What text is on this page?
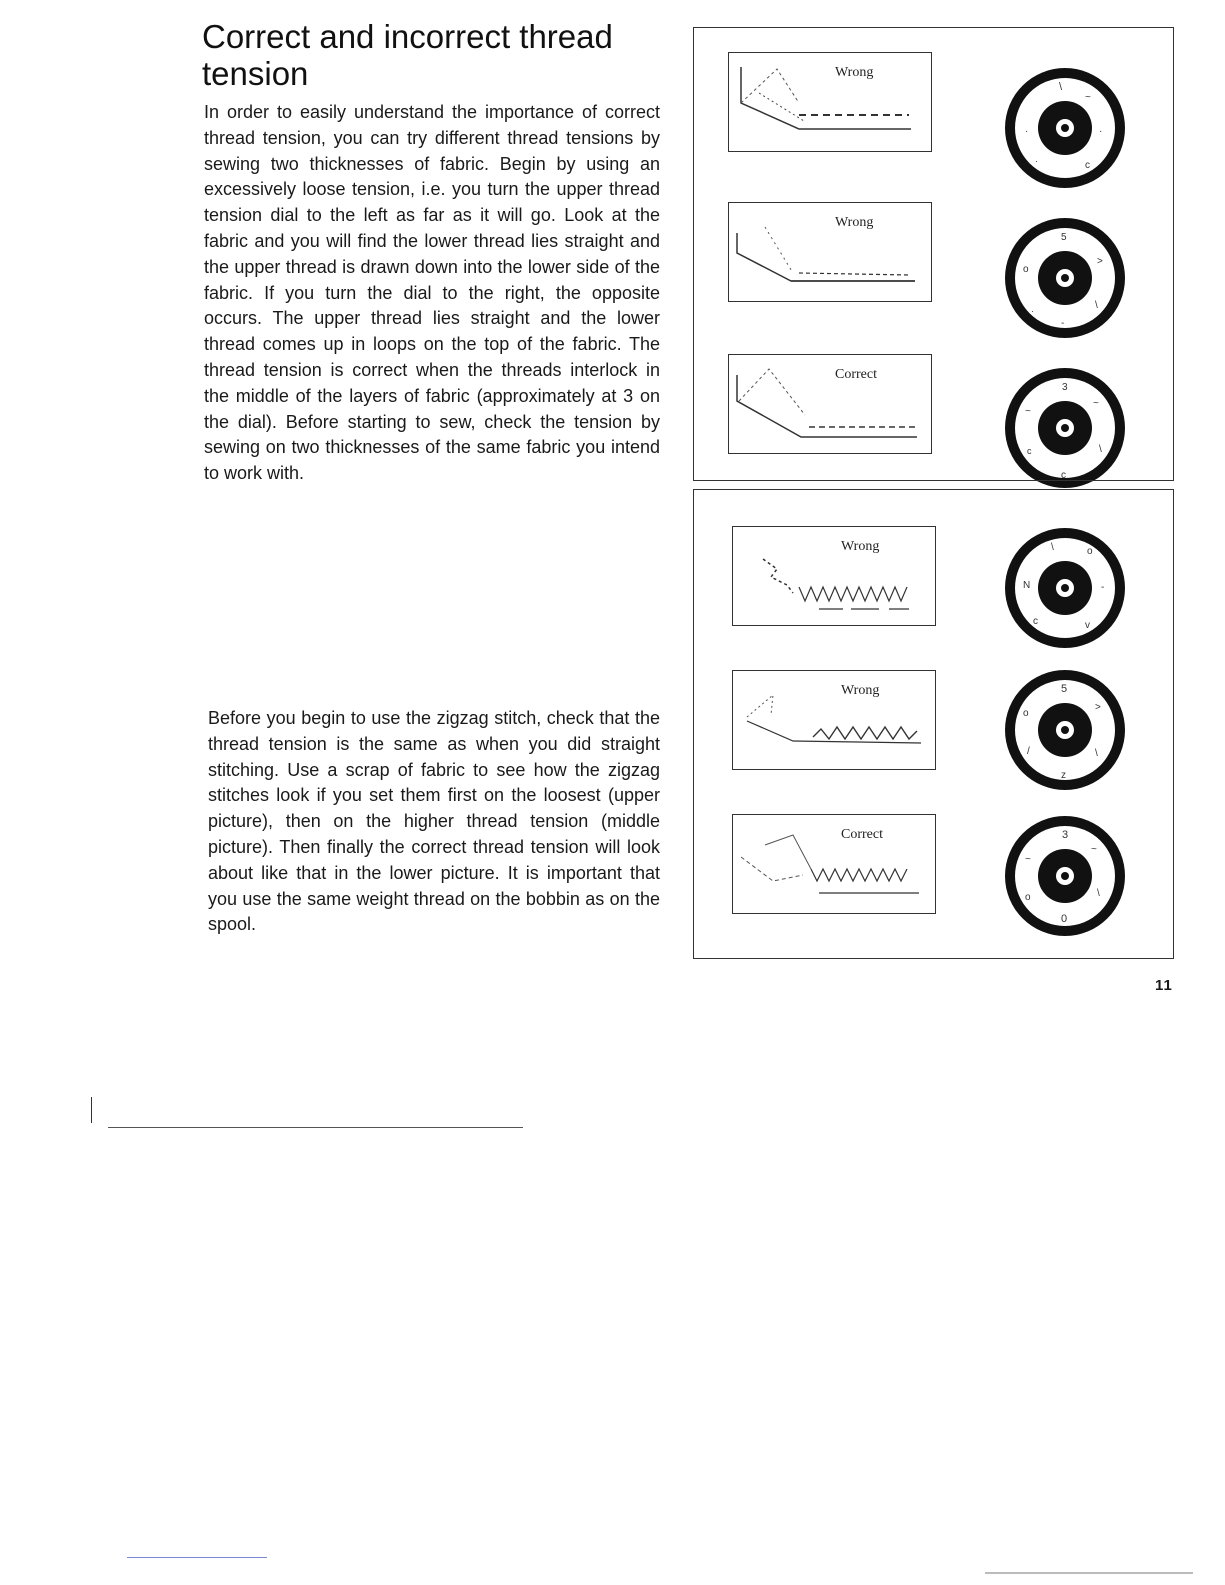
Correct and incorrect thread tension

In order to easily understand the importance of correct thread tension, you can try different thread tensions by sewing two thicknesses of fabric. Begin by using an excessively loose tension, i.e. you turn the upper thread tension dial to the left as far as it will go. Look at the fabric and you will find the lower thread lies straight and the upper thread is drawn down into the lower side of the fabric. If you turn the dial to the right, the opposite occurs. The upper thread lies straight and the lower thread comes up in loops on the top of the fabric. The thread tension is correct when the threads interlock in the middle of the layers of fabric (approximately at 3 on the dial). Before starting to sew, check the tension by sewing on two thicknesses of the same fabric you intend to work with.

Before you begin to use the zigzag stitch, check that the thread tension is the same as when you did straight stitching. Use a scrap of fabric to see how the zigzag stitches look if you set them first on the loosest (upper picture), then on the higher thread tension (middle picture). Then finally the correct thread tension will look about like that in the lower picture. It is important that you use the same weight thread on the bobbin as on the spool.

11
Wrong
Wrong
Correct
\
~
·	·
c
·
5
>
o
\
-
·
3
~
~
\
c
c
Wrong
Wrong
Correct
\	o
N	-
c	v
5
>
o
\
z
/
3
~
~
\
0
o
